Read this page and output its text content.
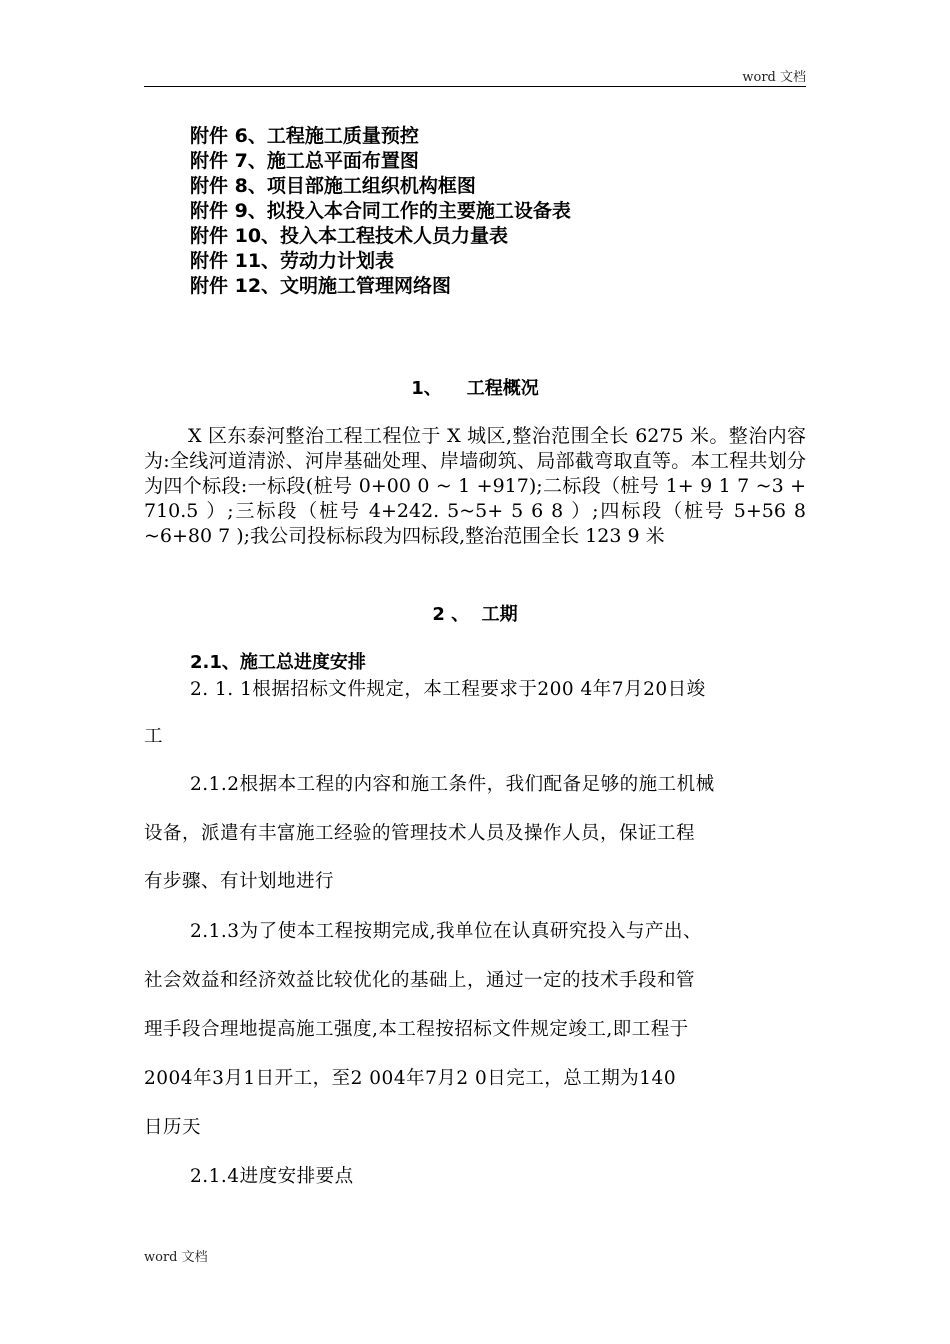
word 文档
附件 6、工程施工质量预控
附件 7、施工总平面布置图
附件 8、项目部施工组织机构框图
附件 9、拟投入本合同工作的主要施工设备表
附件 10、投入本工程技术人员力量表
附件 11、劳动力计划表
附件 12、文明施工管理网络图
1、    工程概况
X 区东泰河整治工程工程位于 X 城区,整治范围全长 6275 米。整治内容为:全线河道清淤、河岸基础处理、岸墙砌筑、局部截弯取直等。本工程共划分为四个标段:一标段(桩号 0+00 0 ~ 1 +917);二标段（桩号 1+ 9 1 7 ~3 + 710.5 ）;三标段（桩号 4+242. 5~5+ 5 6 8 ）;四标段（桩号 5+56 8 ~6+80 7 );我公司投标标段为四标段,整治范围全长 123 9 米
2 、  工期
2.1、施工总进度安排
2. 1. 1根据招标文件规定，本工程要求于200 4年7月20日竣
工
2.1.2根据本工程的内容和施工条件，我们配备足够的施工机械
设备，派遣有丰富施工经验的管理技术人员及操作人员，保证工程
有步骤、有计划地进行
2.1.3为了使本工程按期完成,我单位在认真研究投入与产出、
社会效益和经济效益比较优化的基础上，通过一定的技术手段和管
理手段合理地提高施工强度,本工程按招标文件规定竣工,即工程于
2004年3月1日开工，至2 004年7月2 0日完工，总工期为140
日历天
2.1.4进度安排要点
word 文档
